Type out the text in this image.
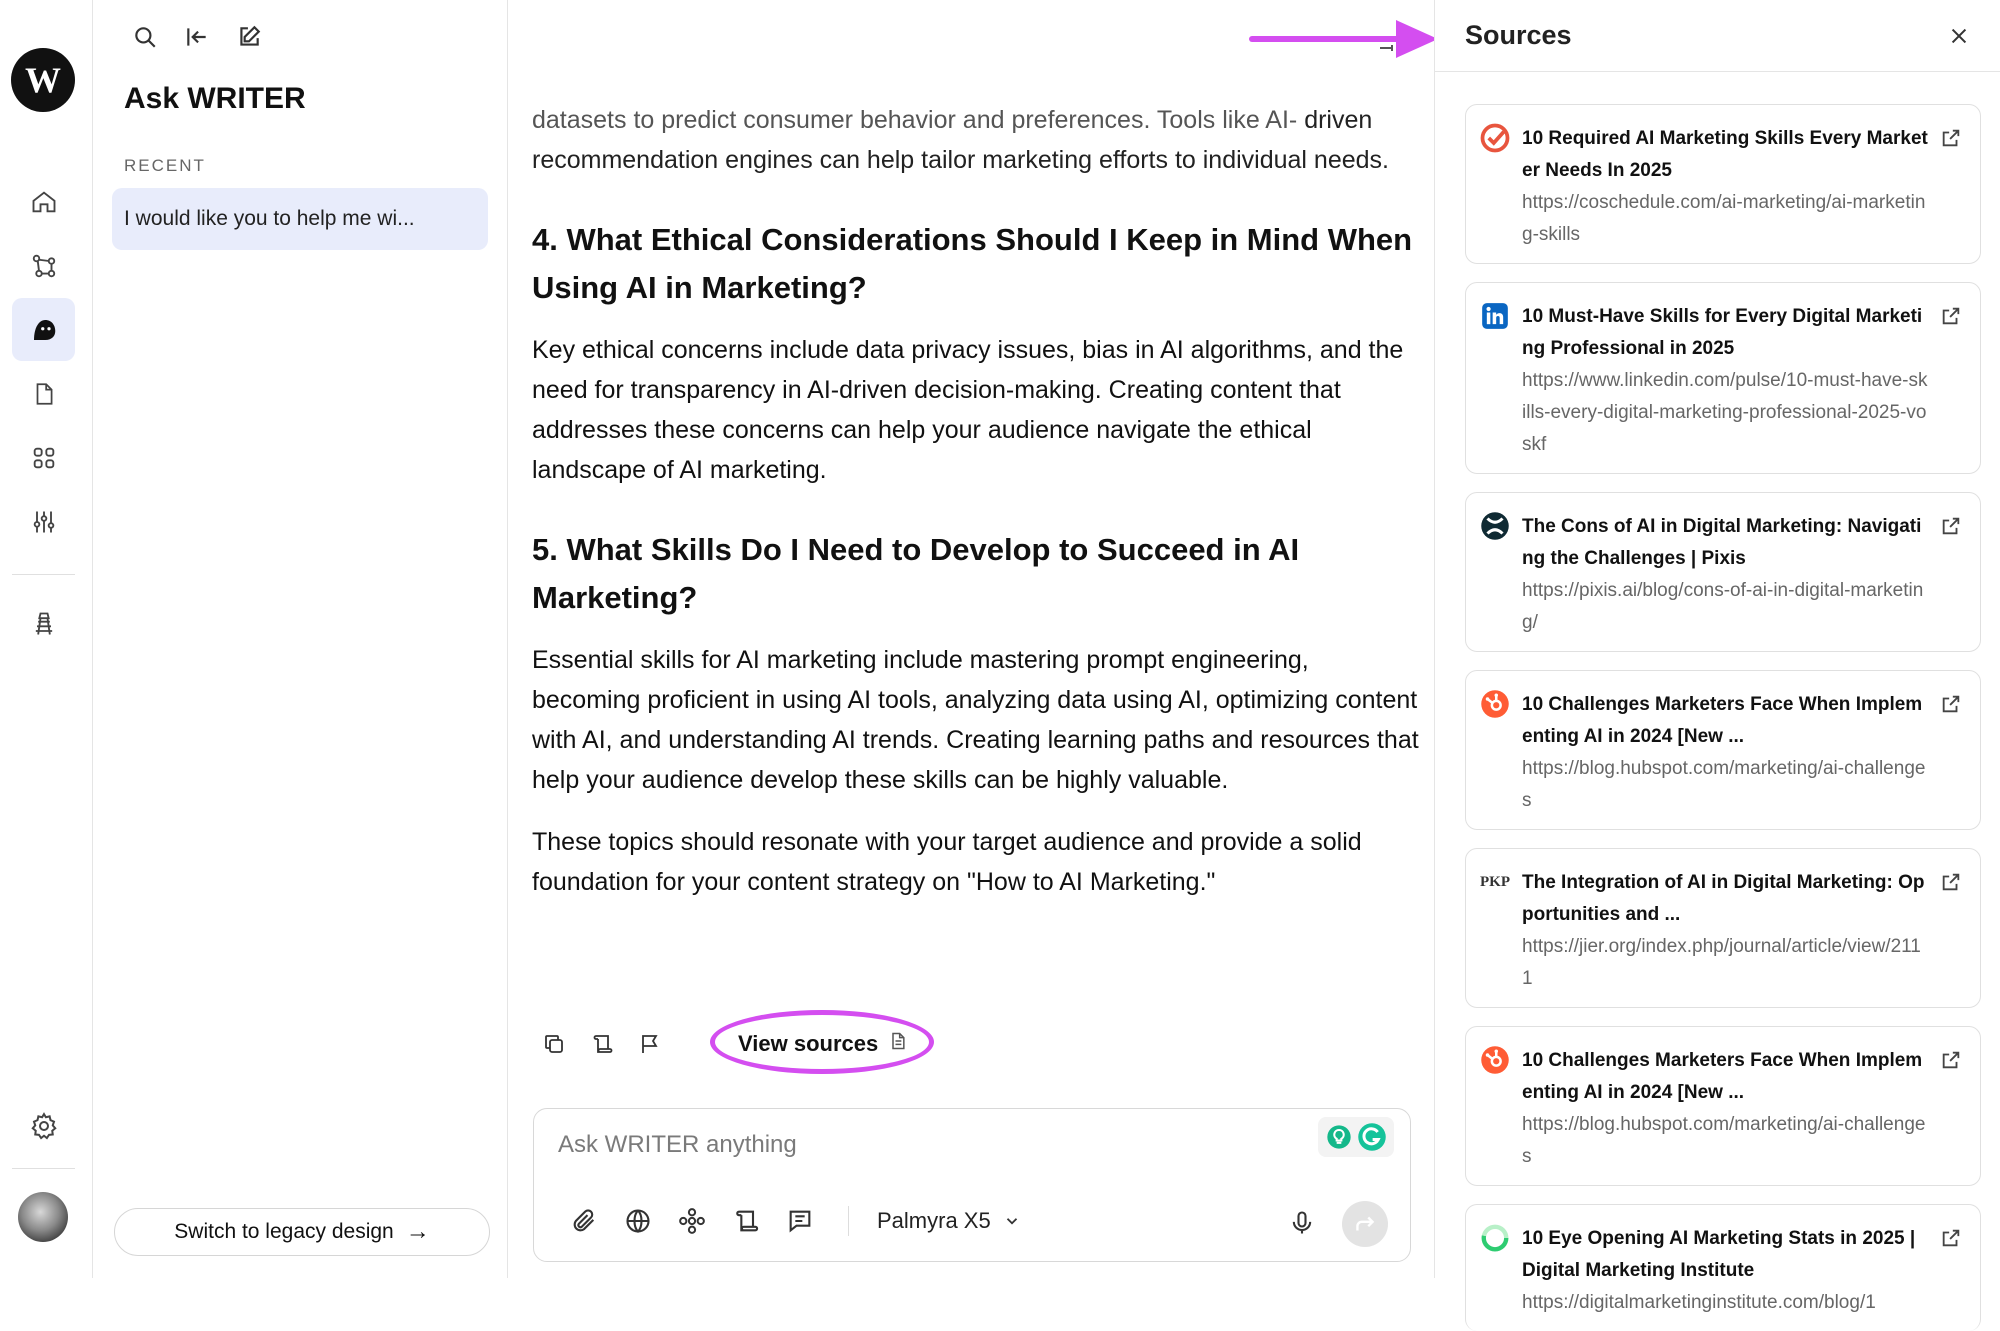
W	Ask WRITER
RECENT
I would like you to help me wi...
Switch to legacy design →

datasets to predict consumer behavior and preferences. Tools like AI- driven recommendation engines can help tailor marketing efforts to individual needs.

4. What Ethical Considerations Should I Keep in Mind When Using AI in Marketing?

Key ethical concerns include data privacy issues, bias in AI algorithms, and the need for transparency in AI-driven decision-making. Creating content that addresses these concerns can help your audience navigate the ethical landscape of AI marketing.

5. What Skills Do I Need to Develop to Succeed in AI Marketing?

Essential skills for AI marketing include mastering prompt engineering, becoming proficient in using AI tools, analyzing data using AI, optimizing content with AI, and understanding AI trends. Creating learning paths and resources that help your audience develop these skills can be highly valuable.

These topics should resonate with your target audience and provide a solid foundation for your content strategy on "How to AI Marketing."

View sources
Ask WRITER anything
Palmyra X5
Sources
10 Required AI Marketing Skills Every Marketer Needs In 2025
https://coschedule.com/ai-marketing/ai-marketing-skills
10 Must-Have Skills for Every Digital Marketing Professional in 2025
https://www.linkedin.com/pulse/10-must-have-skills-every-digital-marketing-professional-2025-voskf
The Cons of AI in Digital Marketing: Navigating the Challenges | Pixis
https://pixis.ai/blog/cons-of-ai-in-digital-marketing/
10 Challenges Marketers Face When Implementing AI in 2024 [New ...
https://blog.hubspot.com/marketing/ai-challenges
PKP The Integration of AI in Digital Marketing: Opportunities and ...
https://jier.org/index.php/journal/article/view/2111
10 Challenges Marketers Face When Implementing AI in 2024 [New ...
https://blog.hubspot.com/marketing/ai-challenges
10 Eye Opening AI Marketing Stats in 2025 | Digital Marketing Institute
https://digitalmarketinginstitute.com/blog/1
